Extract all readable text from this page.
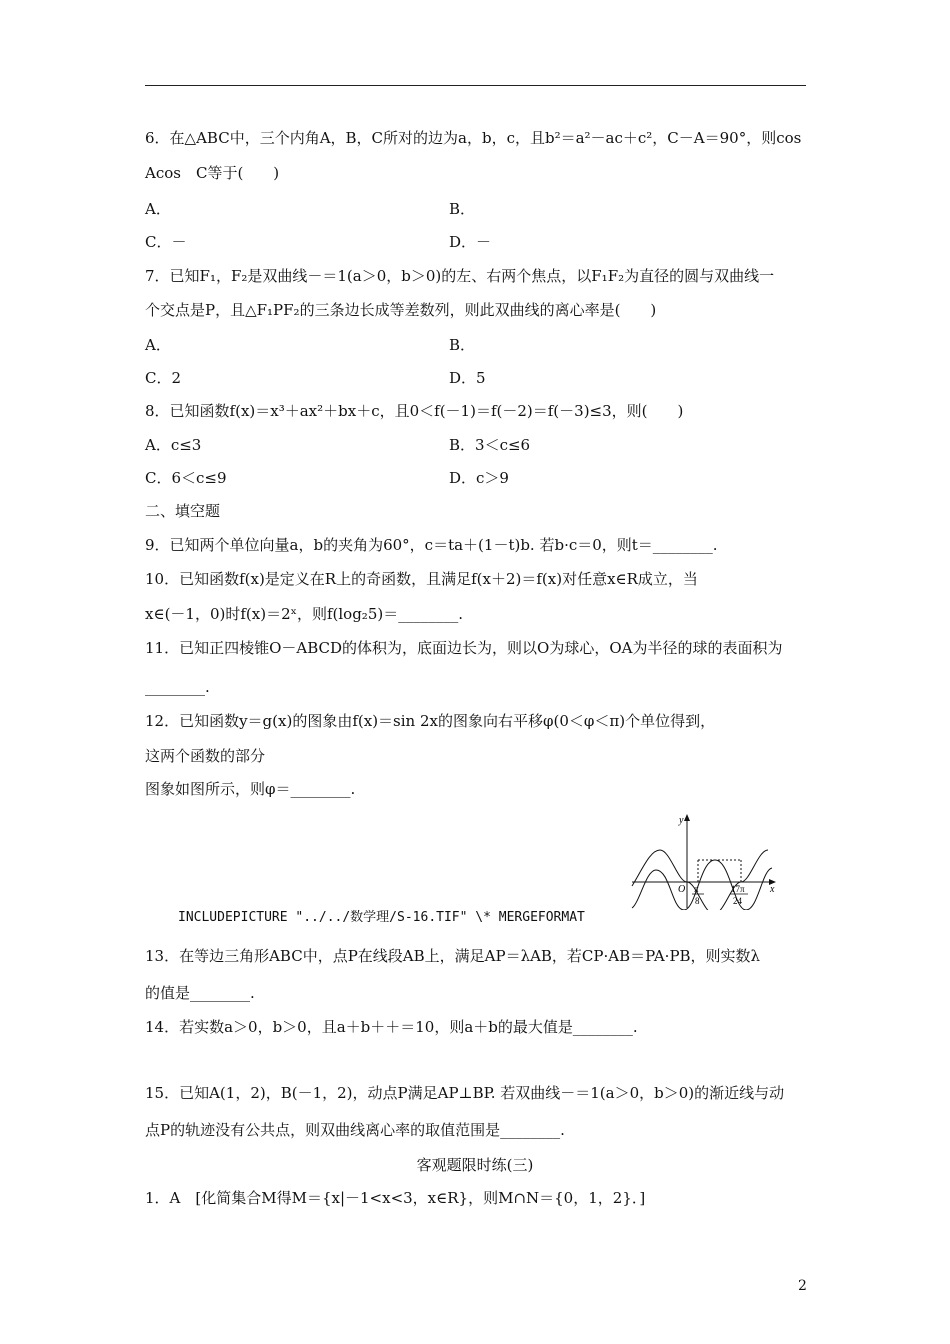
6．在△ABC中，三个内角A，B，C所对的边为a，b，c，且b²＝a²－ac＋c²，C－A＝90°，则cos
Acos　C等于(　　)
A．	B．
C．－	D．－
7．已知F₁，F₂是双曲线－＝1(a＞0，b＞0)的左、右两个焦点，以F₁F₂为直径的圆与双曲线一
个交点是P，且△F₁PF₂的三条边长成等差数列，则此双曲线的离心率是(　　)
A．	B．
C．2	D．5
8．已知函数f(x)＝x³＋ax²＋bx＋c，且0＜f(－1)＝f(－2)＝f(－3)≤3，则(　　)
A．c≤3	B．3＜c≤6
C．6＜c≤9	D．c＞9
二、填空题
9．已知两个单位向量a，b的夹角为60°，c＝ta＋(1－t)b. 若b·c＝0，则t＝________.
10．已知函数f(x)是定义在R上的奇函数，且满足f(x＋2)＝f(x)对任意x∈R成立，当
x∈(－1，0)时f(x)＝2ˣ，则f(log₂5)＝________.
11．已知正四棱锥O－ABCD的体积为，底面边长为，则以O为球心，OA为半径的球的表面积为
________.
12．已知函数y＝g(x)的图象由f(x)＝sin 2x的图象向右平移φ(0＜φ＜π)个单位得到，
这两个函数的部分
图象如图所示，则φ＝________.
y
x
O π
8
17π
24
INCLUDEPICTURE "../../数学理/S-16.TIF" \* MERGEFORMAT
13．在等边三角形ABC中，点P在线段AB上，满足AP＝λAB，若CP·AB＝PA·PB，则实数λ
的值是________.
14．若实数a＞0，b＞0，且a＋b＋＋＝10，则a＋b的最大值是________.
15．已知A(1，2)，B(－1，2)，动点P满足AP⊥BP. 若双曲线－＝1(a＞0，b＞0)的渐近线与动
点P的轨迹没有公共点，则双曲线离心率的取值范围是________.
客观题限时练(三)
1．A　[化简集合M得M＝{x|－1<x<3，x∈R}，则M∩N＝{0，1，2}．]
2
